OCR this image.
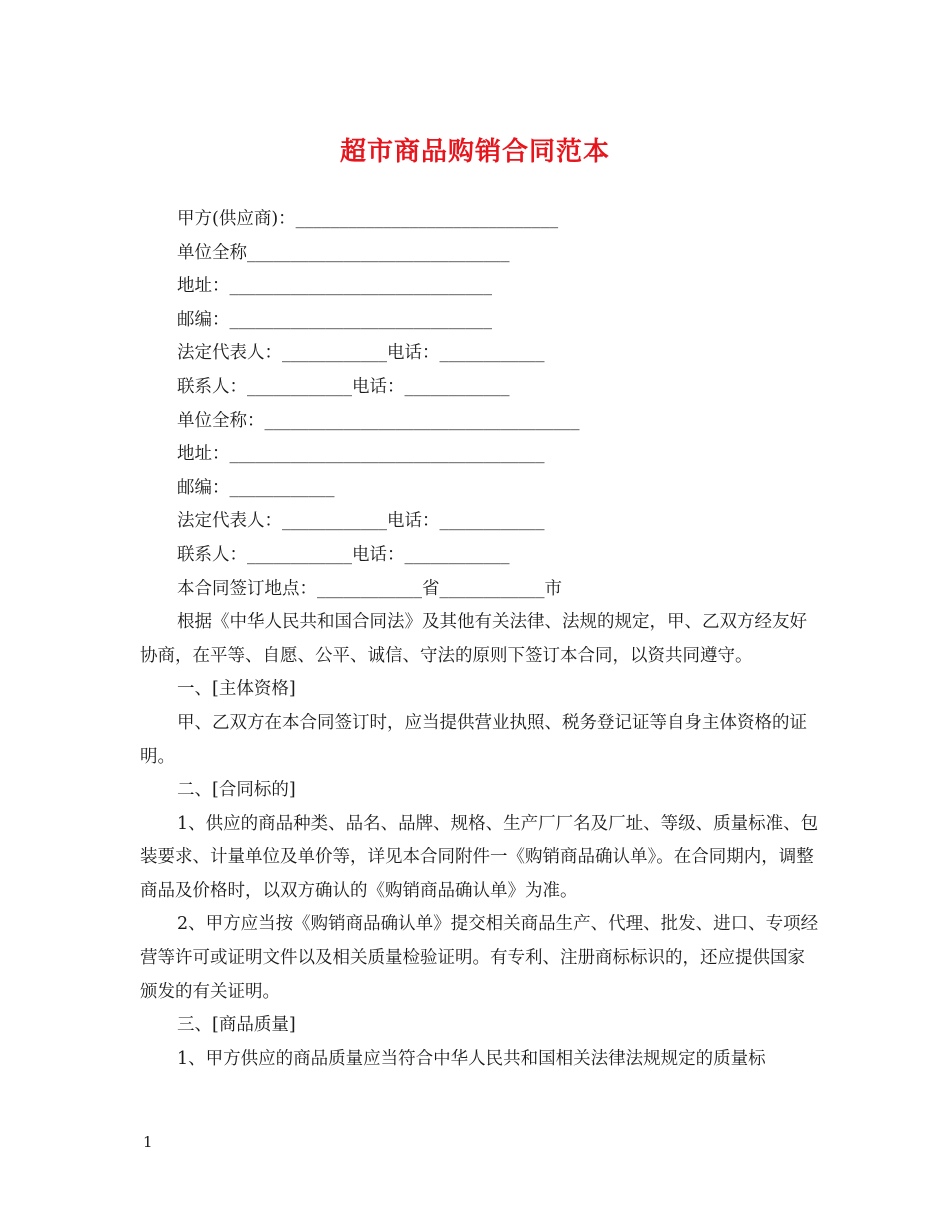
超市商品购销合同范本

甲方(供应商)：______________________________

单位全称______________________________

地址：______________________________

邮编：______________________________

法定代表人：____________电话：____________

联系人：____________电话：____________

单位全称：____________________________________

地址：____________________________________

邮编：____________

法定代表人：____________电话：____________

联系人：____________电话：____________

本合同签订地点：____________省____________市

根据《中华人民共和国合同法》及其他有关法律、法规的规定，甲、乙双方经友好协商，在平等、自愿、公平、诚信、守法的原则下签订本合同，以资共同遵守。

一、[主体资格]

甲、乙双方在本合同签订时，应当提供营业执照、税务登记证等自身主体资格的证明。

二、[合同标的]

1、供应的商品种类、品名、品牌、规格、生产厂厂名及厂址、等级、质量标准、包装要求、计量单位及单价等，详见本合同附件一《购销商品确认单》。在合同期内，调整商品及价格时，以双方确认的《购销商品确认单》为准。

2、甲方应当按《购销商品确认单》提交相关商品生产、代理、批发、进口、专项经营等许可或证明文件以及相关质量检验证明。有专利、注册商标标识的，还应提供国家颁发的有关证明。

三、[商品质量]

1、甲方供应的商品质量应当符合中华人民共和国相关法律法规规定的质量标

1
